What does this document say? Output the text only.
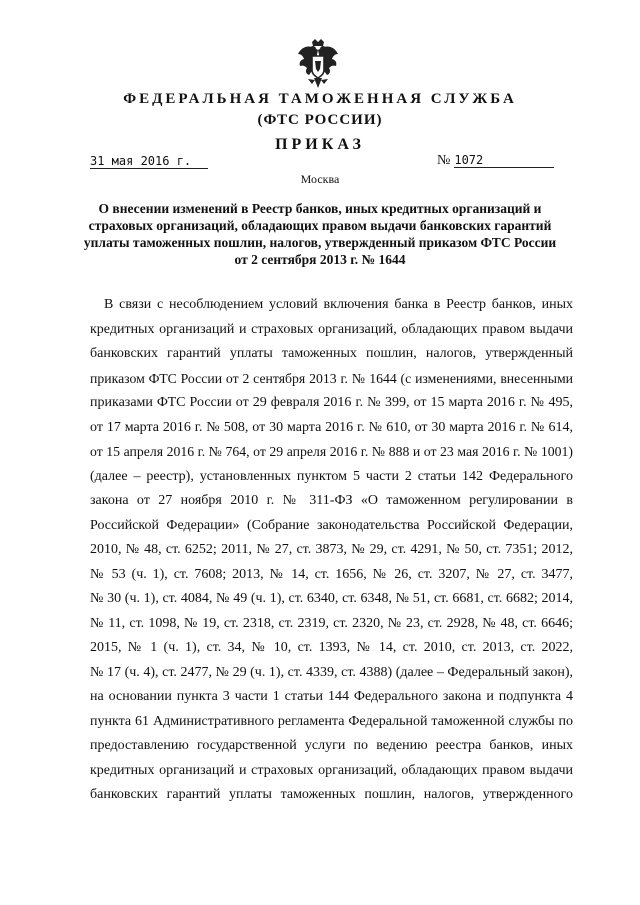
ФЕДЕРАЛЬНАЯ ТАМОЖЕННАЯ СЛУЖБА
(ФТС РОССИИ)
ПРИКАЗ
31 мая 2016 г.	№ 1072
Москва
О внесении изменений в Реестр банков, иных кредитных организаций и
страховых организаций, обладающих правом выдачи банковских гарантий
уплаты таможенных пошлин, налогов, утвержденный приказом ФТС России
от 2 сентября 2013 г. № 1644
В связи с несоблюдением условий включения банка в Реестр банков, иных
кредитных организаций и страховых организаций, обладающих правом выдачи
банковских гарантий уплаты таможенных пошлин, налогов, утвержденный
приказом ФТС России от 2 сентября 2013 г. № 1644 (с изменениями, внесенными
приказами ФТС России от 29 февраля 2016 г. № 399, от 15 марта 2016 г. № 495,
от 17 марта 2016 г. № 508, от 30 марта 2016 г. № 610, от 30 марта 2016 г. № 614,
от 15 апреля 2016 г. № 764, от 29 апреля 2016 г. № 888 и от 23 мая 2016 г. № 1001)
(далее – реестр), установленных пунктом 5 части 2 статьи 142 Федерального
закона от 27 ноября 2010 г. № 311-ФЗ «О таможенном регулировании в
Российской Федерации» (Собрание законодательства Российской Федерации,
2010, № 48, ст. 6252; 2011, № 27, ст. 3873, № 29, ст. 4291, № 50, ст. 7351; 2012,
№ 53 (ч. 1), ст. 7608; 2013, № 14, ст. 1656, № 26, ст. 3207, № 27, ст. 3477,
№ 30 (ч. 1), ст. 4084, № 49 (ч. 1), ст. 6340, ст. 6348, № 51, ст. 6681, ст. 6682; 2014,
№ 11, ст. 1098, № 19, ст. 2318, ст. 2319, ст. 2320, № 23, ст. 2928, № 48, ст. 6646;
2015, № 1 (ч. 1), ст. 34, № 10, ст. 1393, № 14, ст. 2010, ст. 2013, ст. 2022,
№ 17 (ч. 4), ст. 2477, № 29 (ч. 1), ст. 4339, ст. 4388) (далее – Федеральный закон),
на основании пункта 3 части 1 статьи 144 Федерального закона и подпункта 4
пункта 61 Административного регламента Федеральной таможенной службы по
предоставлению государственной услуги по ведению реестра банков, иных
кредитных организаций и страховых организаций, обладающих правом выдачи
банковских гарантий уплаты таможенных пошлин, налогов, утвержденного
